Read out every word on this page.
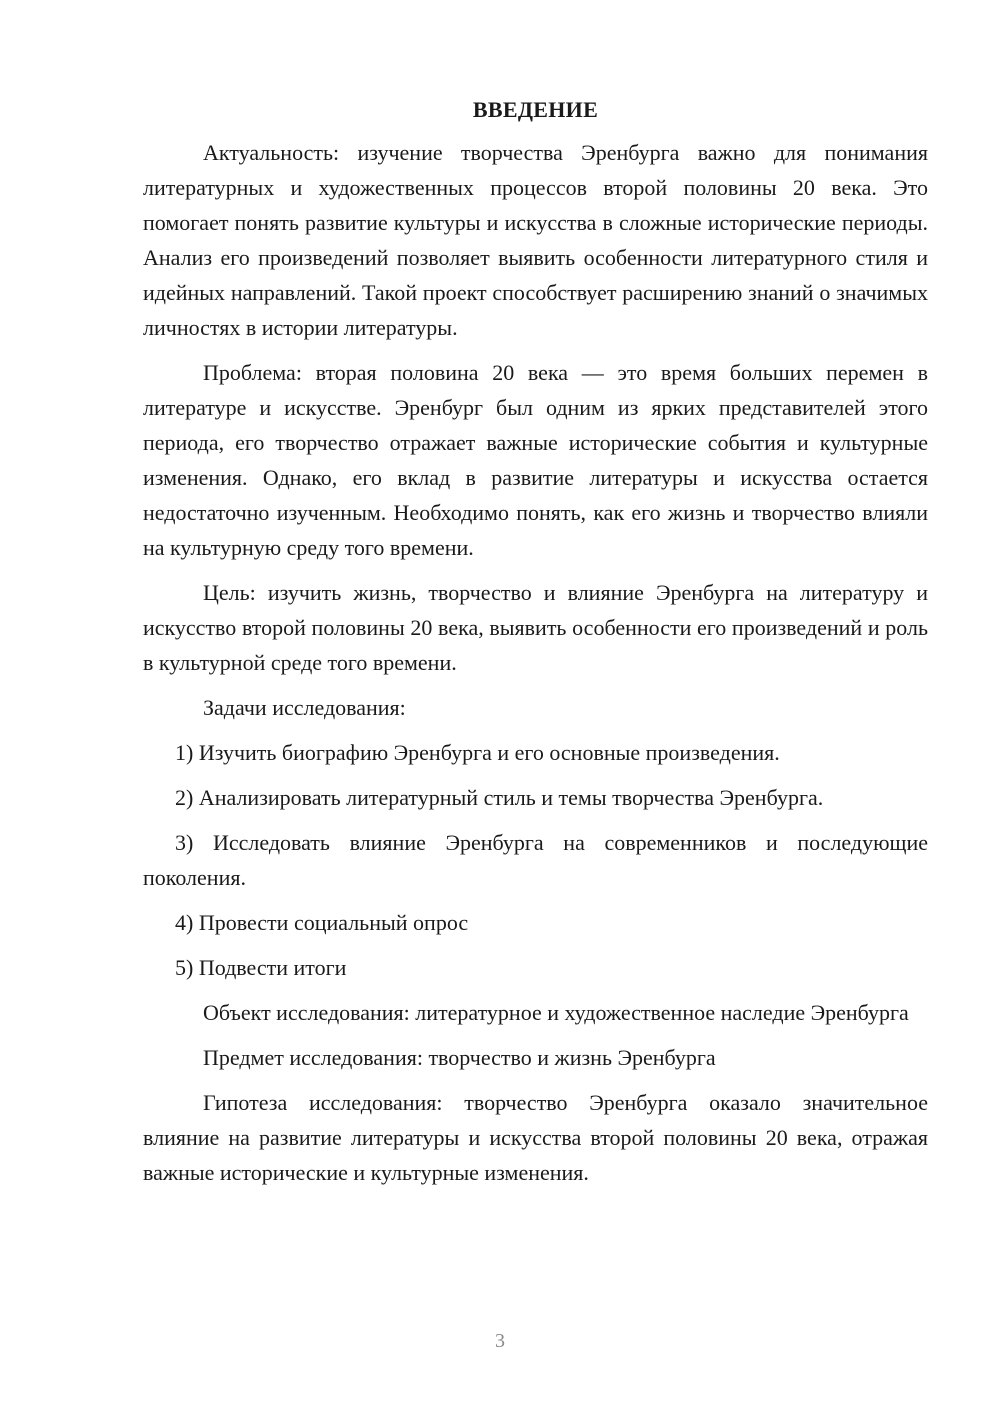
ВВЕДЕНИЕ

Актуальность: изучение творчества Эренбурга важно для понимания литературных и художественных процессов второй половины 20 века. Это помогает понять развитие культуры и искусства в сложные исторические периоды. Анализ его произведений позволяет выявить особенности литературного стиля и идейных направлений. Такой проект способствует расширению знаний о значимых личностях в истории литературы.

Проблема: вторая половина 20 века — это время больших перемен в литературе и искусстве. Эренбург был одним из ярких представителей этого периода, его творчество отражает важные исторические события и культурные изменения. Однако, его вклад в развитие литературы и искусства остается недостаточно изученным. Необходимо понять, как его жизнь и творчество влияли на культурную среду того времени.

Цель: изучить жизнь, творчество и влияние Эренбурга на литературу и искусство второй половины 20 века, выявить особенности его произведений и роль в культурной среде того времени.

Задачи исследования:

1) Изучить биографию Эренбурга и его основные произведения.

2) Анализировать литературный стиль и темы творчества Эренбурга.

3) Исследовать влияние Эренбурга на современников и последующие поколения.

4) Провести социальный опрос

5) Подвести итоги

Объект исследования: литературное и художественное наследие Эренбурга

Предмет исследования: творчество и жизнь Эренбурга

Гипотеза исследования: творчество Эренбурга оказало значительное влияние на развитие литературы и искусства второй половины 20 века, отражая важные исторические и культурные изменения.

3
